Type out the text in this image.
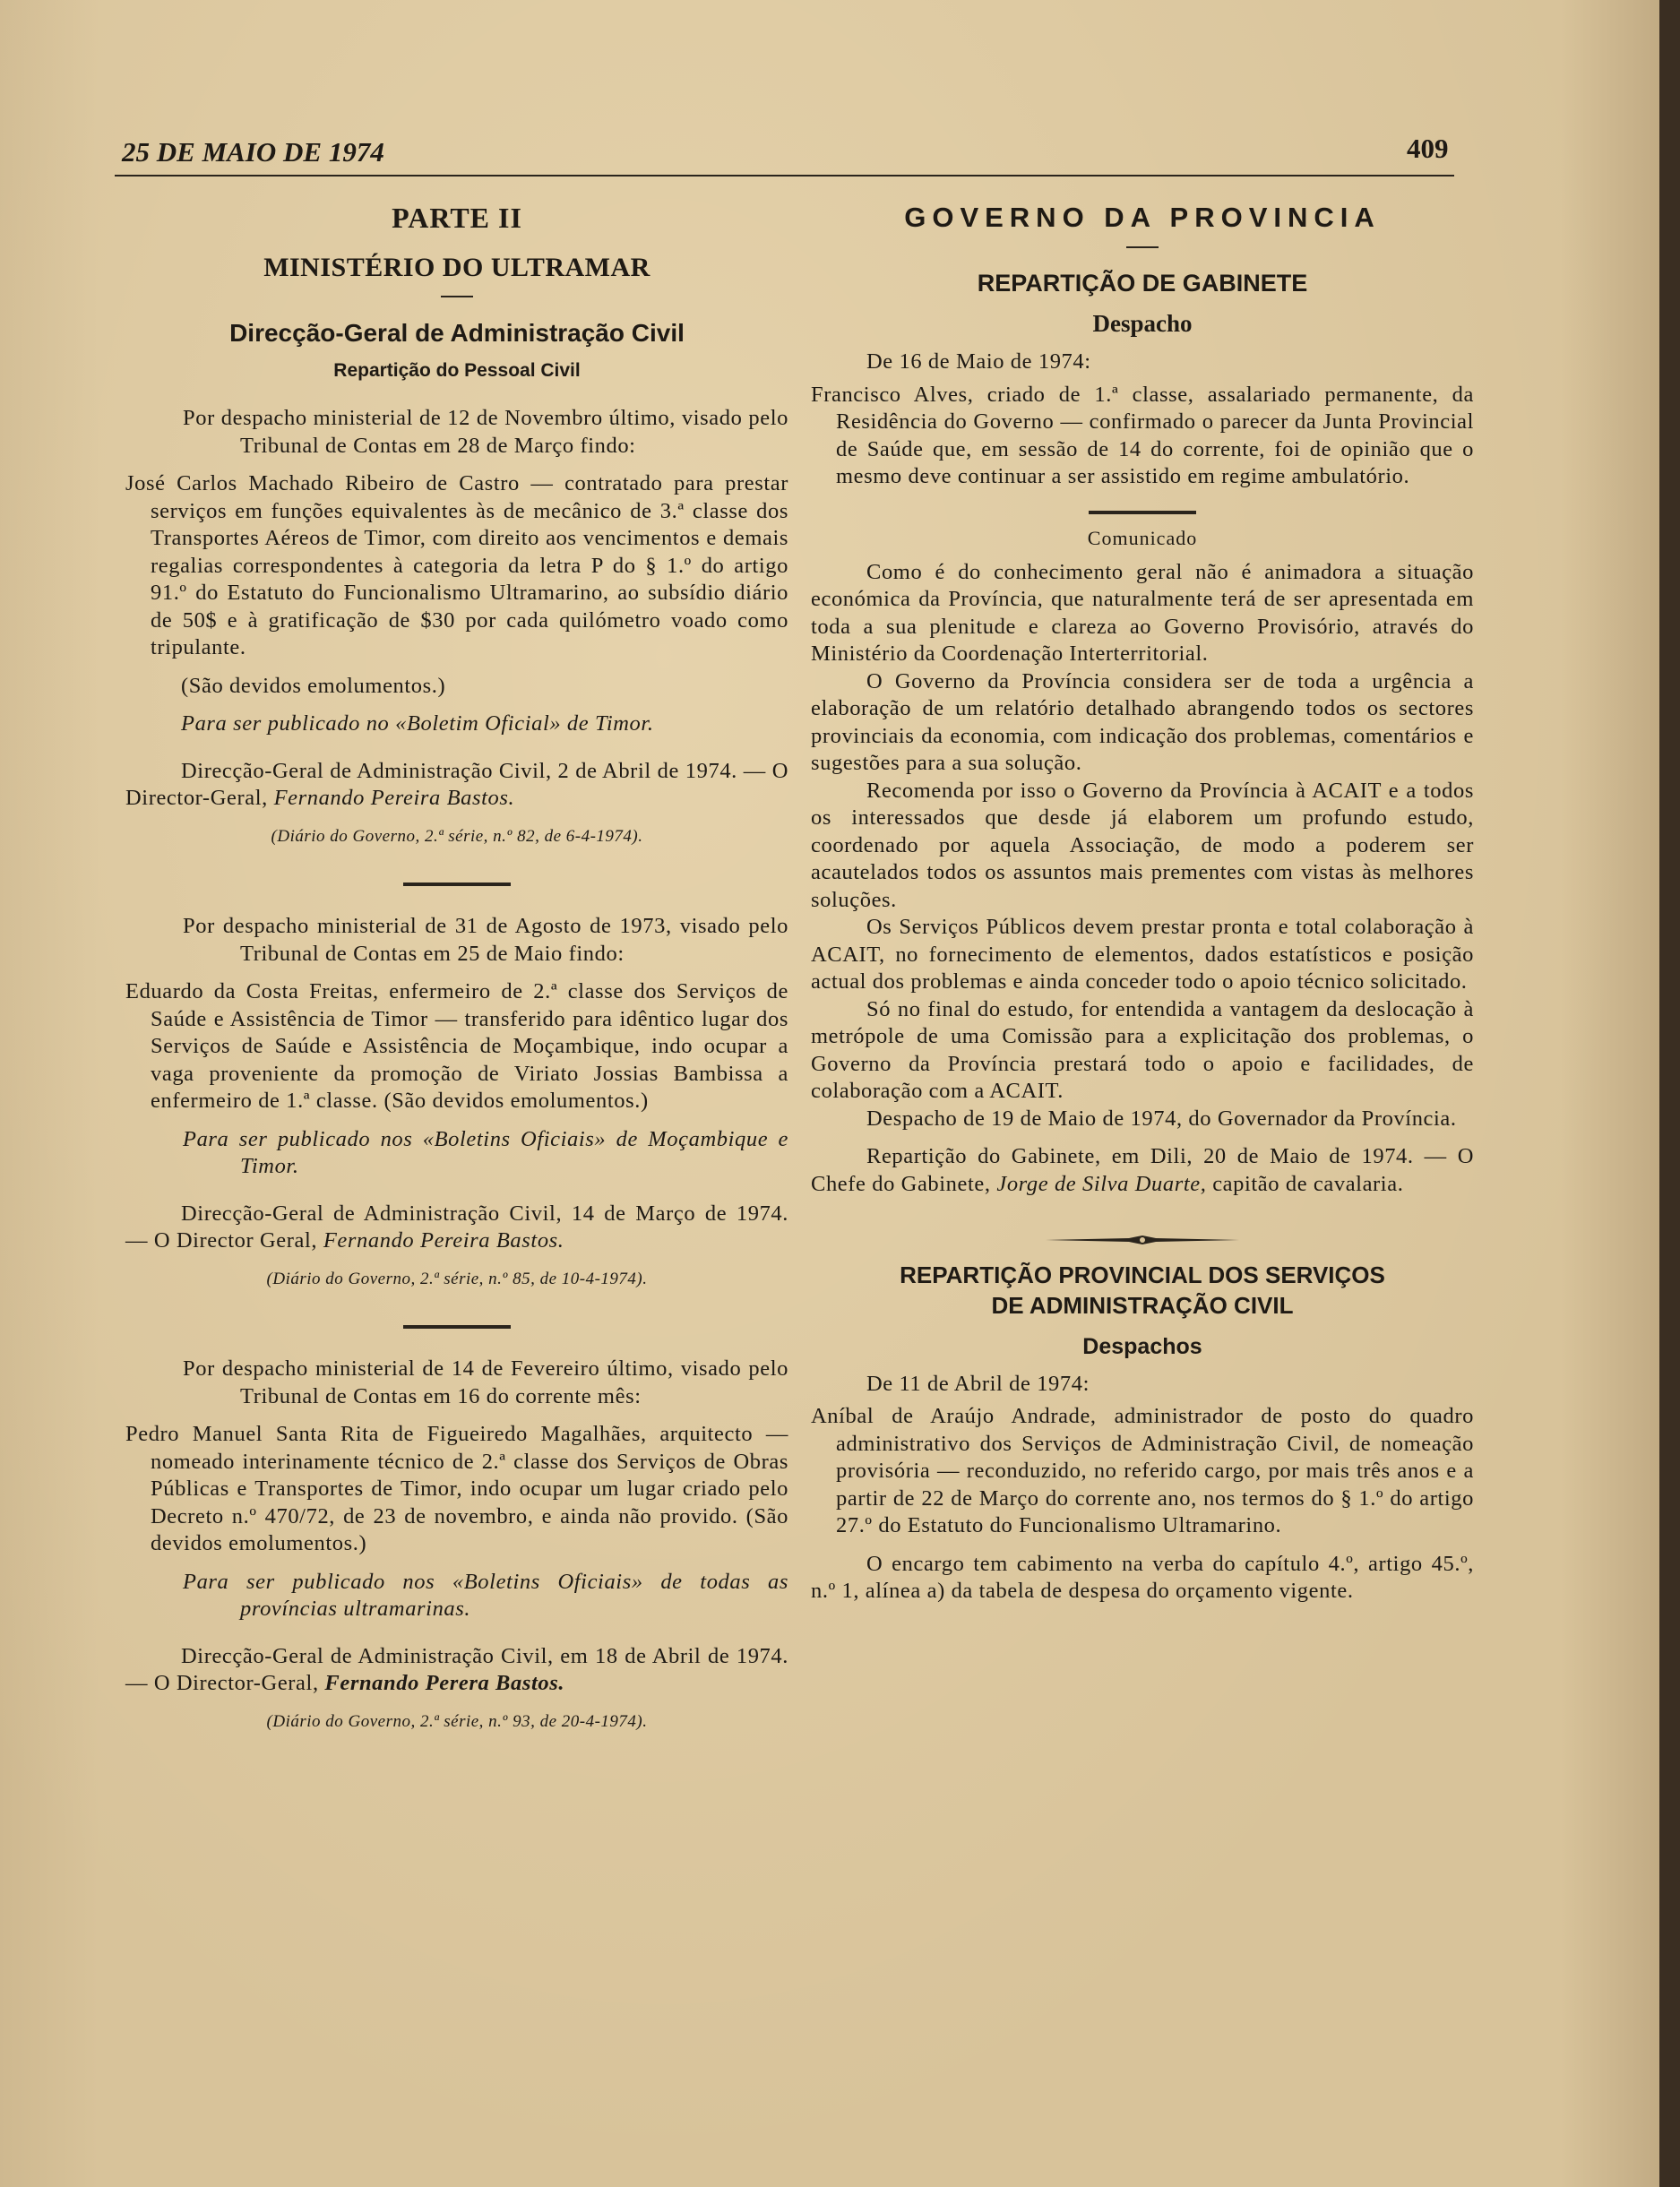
25 DE MAIO DE 1974	409
PARTE II
MINISTÉRIO DO ULTRAMAR
Direcção-Geral de Administração Civil
Repartição do Pessoal Civil

Por despacho ministerial de 12 de Novembro último, visado pelo Tribunal de Contas em 28 de Março findo:

José Carlos Machado Ribeiro de Castro — contratado para prestar serviços em funções equivalentes às de mecânico de 3.ª classe dos Transportes Aéreos de Timor, com direito aos vencimentos e demais regalias correspondentes à categoria da letra P do § 1.º do artigo 91.º do Estatuto do Funcionalismo Ultramarino, ao subsídio diário de 50$ e à gratificação de $30 por cada quilómetro voado como tripulante.

(São devidos emolumentos.)

Para ser publicado no «Boletim Oficial» de Timor.

Direcção-Geral de Administração Civil, 2 de Abril de 1974. — O Director-Geral, Fernando Pereira Bastos.

(Diário do Governo, 2.ª série, n.º 82, de 6-4-1974).

Por despacho ministerial de 31 de Agosto de 1973, visado pelo Tribunal de Contas em 25 de Maio findo:

Eduardo da Costa Freitas, enfermeiro de 2.ª classe dos Serviços de Saúde e Assistência de Timor — transferido para idêntico lugar dos Serviços de Saúde e Assistência de Moçambique, indo ocupar a vaga proveniente da promoção de Viriato Jossias Bambissa a enfermeiro de 1.ª classe. (São devidos emolumentos.)

Para ser publicado nos «Boletins Oficiais» de Moçambique e Timor.

Direcção-Geral de Administração Civil, 14 de Março de 1974. — O Director Geral, Fernando Pereira Bastos.

(Diário do Governo, 2.ª série, n.º 85, de 10-4-1974).

Por despacho ministerial de 14 de Fevereiro último, visado pelo Tribunal de Contas em 16 do corrente mês:

Pedro Manuel Santa Rita de Figueiredo Magalhães, arquitecto — nomeado interinamente técnico de 2.ª classe dos Serviços de Obras Públicas e Transportes de Timor, indo ocupar um lugar criado pelo Decreto n.º 470/72, de 23 de novembro, e ainda não provido. (São devidos emolumentos.)

Para ser publicado nos «Boletins Oficiais» de todas as províncias ultramarinas.

Direcção-Geral de Administração Civil, em 18 de Abril de 1974. — O Director-Geral, Fernando Perera Bastos.

(Diário do Governo, 2.ª série, n.º 93, de 20-4-1974).

GOVERNO DA PROVINCIA
REPARTIÇÃO DE GABINETE
Despacho

De 16 de Maio de 1974:

Francisco Alves, criado de 1.ª classe, assalariado permanente, da Residência do Governo — confirmado o parecer da Junta Provincial de Saúde que, em sessão de 14 do corrente, foi de opinião que o mesmo deve continuar a ser assistido em regime ambulatório.

Comunicado

Como é do conhecimento geral não é animadora a situação económica da Província, que naturalmente terá de ser apresentada em toda a sua plenitude e clareza ao Governo Provisório, através do Ministério da Coordenação Interterritorial.

O Governo da Província considera ser de toda a urgência a elaboração de um relatório detalhado abrangendo todos os sectores provinciais da economia, com indicação dos problemas, comentários e sugestões para a sua solução.

Recomenda por isso o Governo da Província à ACAIT e a todos os interessados que desde já elaborem um profundo estudo, coordenado por aquela Associação, de modo a poderem ser acautelados todos os assuntos mais prementes com vistas às melhores soluções.

Os Serviços Públicos devem prestar pronta e total colaboração à ACAIT, no fornecimento de elementos, dados estatísticos e posição actual dos problemas e ainda conceder todo o apoio técnico solicitado.

Só no final do estudo, for entendida a vantagem da deslocação à metrópole de uma Comissão para a explicitação dos problemas, o Governo da Província prestará todo o apoio e facilidades, de colaboração com a ACAIT.

Despacho de 19 de Maio de 1974, do Governador da Província.

Repartição do Gabinete, em Dili, 20 de Maio de 1974. — O Chefe do Gabinete, Jorge de Silva Duarte, capitão de cavalaria.

REPARTIÇÃO PROVINCIAL DOS SERVIÇOS
DE ADMINISTRAÇÃO CIVIL
Despachos

De 11 de Abril de 1974:

Aníbal de Araújo Andrade, administrador de posto do quadro administrativo dos Serviços de Administração Civil, de nomeação provisória — reconduzido, no referido cargo, por mais três anos e a partir de 22 de Março do corrente ano, nos termos do § 1.º do artigo 27.º do Estatuto do Funcionalismo Ultramarino.

O encargo tem cabimento na verba do capítulo 4.º, artigo 45.º, n.º 1, alínea a) da tabela de despesa do orçamento vigente.
